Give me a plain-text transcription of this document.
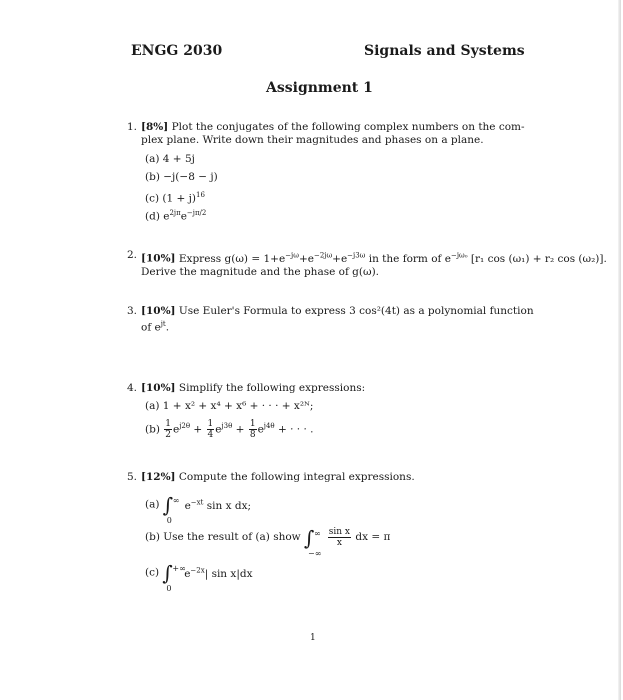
ENGG 2030	Signals and Systems
Assignment 1
1. [8%] Plot the conjugates of the following complex numbers on the com-
plex plane. Write down their magnitudes and phases on a plane.
(a) 4 + 5j
(b) −j(−8 − j)
(c) $(1 + j)^{16}$
(d) $e^{2j\pi}e^{-j\pi/2}$
2. [10%] Express $g(\omega) = 1+e^{-j\omega}+e^{-2j\omega}+e^{-j3\omega}$ in the form of $e^{-j\omega_0}$ [r₁ cos (ω₁) + r₂ cos (ω₂)].
Derive the magnitude and the phase of g(ω).
3. [10%] Use Euler's Formula to express 3 cos²(4t) as a polynomial function
of $e^{jt}$.
4. [10%] Simplify the following expressions:
(a) 1 + x² + x⁴ + x⁶ + · · · + x²ᴺ;
$(b) \frac{1}{2} e^{j2\theta} + \frac{1}{4} e^{j3\theta} + \frac{1}{8} e^{j4\theta}$ + · · · .
5. [12%] Compute the following integral expressions.
(a) ∫ ∞
0
$e^{-xt}$ sin x dx;
(b) Use the result of (a) show ∫ ∞
−∞

$\frac{\text{sin x}}{x}$ dx = π
(c) ∫ +∞
0
$e^{-2x}|$ sin x|dx
1
